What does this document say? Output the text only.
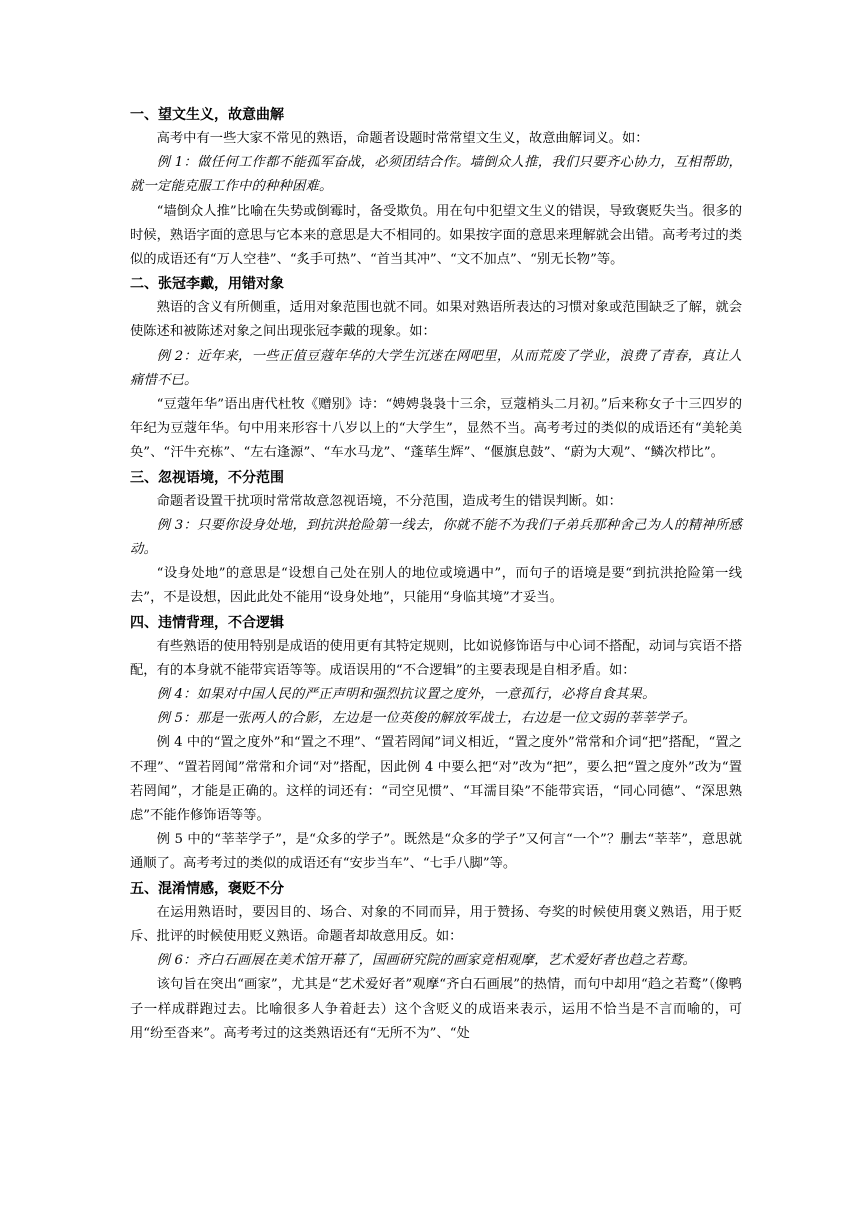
一、望文生义，故意曲解
高考中有一些大家不常见的熟语，命题者设题时常常望文生义，故意曲解词义。如：
例 1：做任何工作都不能孤军奋战，必须团结合作。墙倒众人推，我们只要齐心协力，互相帮助，就一定能克服工作中的种种困难。
“墙倒众人推”比喻在失势或倒霉时，备受欺负。用在句中犯望文生义的错误，导致褒贬失当。很多的时候，熟语字面的意思与它本来的意思是大不相同的。如果按字面的意思来理解就会出错。高考考过的类似的成语还有“万人空巷”、“炙手可热”、“首当其冲”、“文不加点”、“别无长物”等。
二、张冠李戴，用错对象
熟语的含义有所侧重，适用对象范围也就不同。如果对熟语所表达的习惯对象或范围缺乏了解，就会使陈述和被陈述对象之间出现张冠李戴的现象。如：
例 2：近年来，一些正值豆蔻年华的大学生沉迷在网吧里，从而荒废了学业，浪费了青春，真让人痛惜不已。
“豆蔻年华”语出唐代杜牧《赠别》诗：“娉娉袅袅十三余，豆蔻梢头二月初。”后来称女子十三四岁的年纪为豆蔻年华。句中用来形容十八岁以上的“大学生”，显然不当。高考考过的类似的成语还有“美轮美奂”、“汗牛充栋”、“左右逢源”、“车水马龙”、“蓬荜生辉”、“偃旗息鼓”、“蔚为大观”、“鳞次栉比”。
三、忽视语境，不分范围
命题者设置干扰项时常常故意忽视语境，不分范围，造成考生的错误判断。如：
例 3：只要你设身处地，到抗洪抢险第一线去，你就不能不为我们子弟兵那种舍己为人的精神所感动。
“设身处地”的意思是“设想自己处在别人的地位或境遇中”，而句子的语境是要“到抗洪抢险第一线去”，不是设想，因此此处不能用“设身处地”，只能用“身临其境”才妥当。
四、违情背理，不合逻辑
有些熟语的使用特别是成语的使用更有其特定规则，比如说修饰语与中心词不搭配，动词与宾语不搭配，有的本身就不能带宾语等等。成语误用的“不合逻辑”的主要表现是自相矛盾。如：
例 4：如果对中国人民的严正声明和强烈抗议置之度外，一意孤行，必将自食其果。
例 5：那是一张两人的合影，左边是一位英俊的解放军战士，右边是一位文弱的莘莘学子。
例 4 中的“置之度外”和“置之不理”、“置若罔闻”词义相近，“置之度外”常常和介词“把”搭配，“置之不理”、“置若罔闻”常常和介词“对”搭配，因此例 4 中要么把“对”改为“把”，要么把“置之度外”改为“置若罔闻”，才能是正确的。这样的词还有：“司空见惯”、“耳濡目染”不能带宾语，“同心同德”、“深思熟虑”不能作修饰语等等。
例 5 中的“莘莘学子”，是“众多的学子”。既然是“众多的学子”又何言“一个”？删去“莘莘”，意思就通顺了。高考考过的类似的成语还有“安步当车”、“七手八脚”等。
五、混淆情感，褒贬不分
在运用熟语时，要因目的、场合、对象的不同而异，用于赞扬、夸奖的时候使用褒义熟语，用于贬斥、批评的时候使用贬义熟语。命题者却故意用反。如：
例 6：齐白石画展在美术馆开幕了，国画研究院的画家竞相观摩，艺术爱好者也趋之若鹜。
该句旨在突出“画家”，尤其是“艺术爱好者”观摩“齐白石画展”的热情，而句中却用“趋之若鹜”（像鸭子一样成群跑过去。比喻很多人争着赶去）这个含贬义的成语来表示，运用不恰当是不言而喻的，可用“纷至沓来”。高考考过的这类熟语还有“无所不为”、“处
